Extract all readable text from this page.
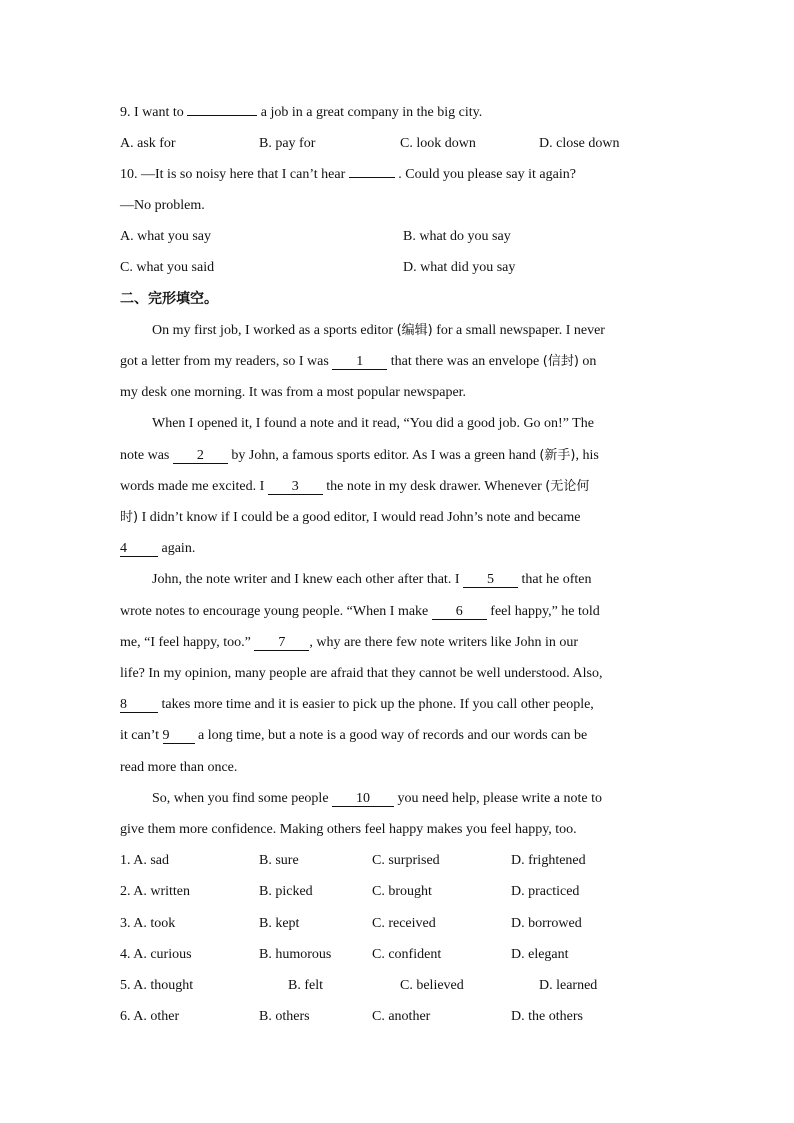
9. I want to	a job in a great company in the big city.
A. ask for	B. pay for	C. look down	D. close down
10. —It is so noisy here that I can’t hear	. Could you please say it again?
—No problem.
A. what you say	B. what do you say
C. what you said	D. what did you say
二、完形填空。
On my first job, I worked as a sports editor (编辑) for a small newspaper. I never
got a letter from my readers, so I was 1 that there was an envelope (信封) on
my desk one morning. It was from a most popular newspaper.
When I opened it, I found a note and it read, “You did a good job. Go on!” The
note was 2 by John, a famous sports editor. As I was a green hand (新手), his
words made me excited. I 3 the note in my desk drawer. Whenever (无论何
时) I didn’t know if I could be a good editor, I would read John’s note and became
4 again.
John, the note writer and I knew each other after that. I 5 that he often
wrote notes to encourage young people. “When I make 6 feel happy,” he told
me, “I feel happy, too.” 7 , why are there few note writers like John in our
life? In my opinion, many people are afraid that they cannot be well understood. Also,
8 takes more time and it is easier to pick up the phone. If you call other people,
it can’t 9 a long time, but a note is a good way of records and our words can be
read more than once.
So, when you find some people 10 you need help, please write a note to
give them more confidence. Making others feel happy makes you feel happy, too.
1. A. sad	B. sure	C. surprised	D. frightened
2. A. written	B. picked	C. brought	D. practiced
3. A. took	B. kept	C. received	D. borrowed
4. A. curious	B. humorous	C. confident	D. elegant
5. A. thought	B. felt	C. believed	D. learned
6. A. other	B. others	C. another	D. the others
